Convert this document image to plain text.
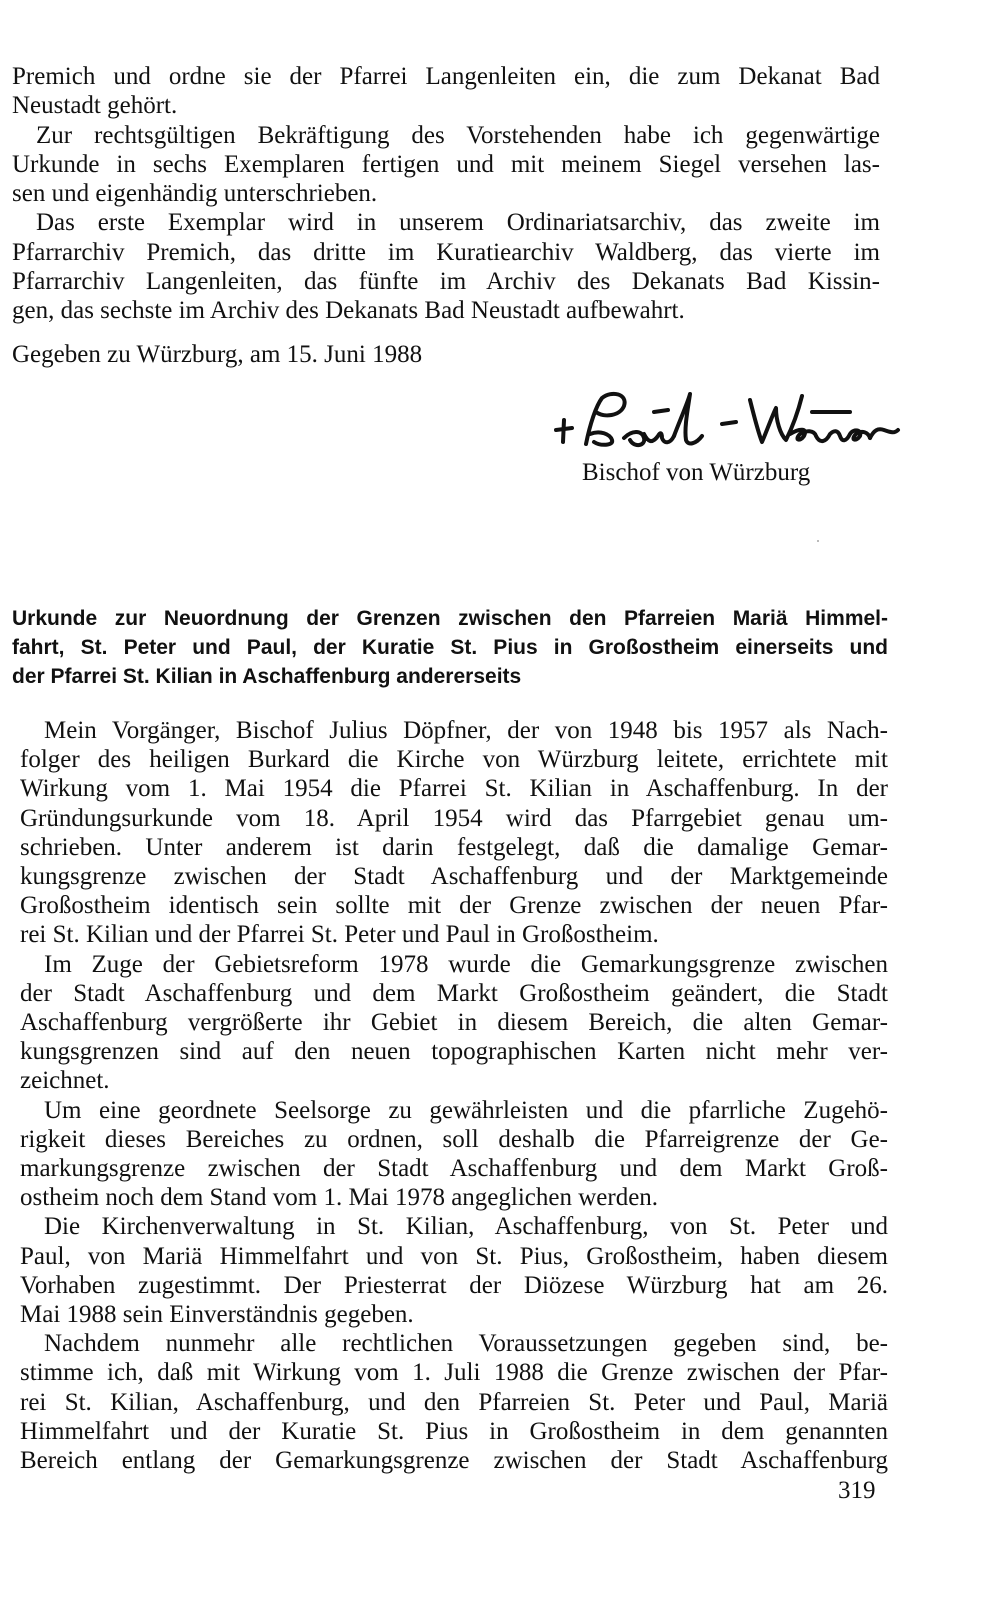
Premich und ordne sie der Pfarrei Langenleiten ein, die zum Dekanat Bad
Neustadt gehört.
Zur rechtsgültigen Bekräftigung des Vorstehenden habe ich gegenwärtige
Urkunde in sechs Exemplaren fertigen und mit meinem Siegel versehen las-
sen und eigenhändig unterschrieben.
Das erste Exemplar wird in unserem Ordinariatsarchiv, das zweite im
Pfarrarchiv Premich, das dritte im Kuratiearchiv Waldberg, das vierte im
Pfarrarchiv Langenleiten, das fünfte im Archiv des Dekanats Bad Kissin-
gen, das sechste im Archiv des Dekanats Bad Neustadt aufbewahrt.
Gegeben zu Würzburg, am 15. Juni 1988
Bischof von Würzburg
Urkunde zur Neuordnung der Grenzen zwischen den Pfarreien Mariä Himmel-
fahrt, St. Peter und Paul, der Kuratie St. Pius in Großostheim einerseits und
der Pfarrei St. Kilian in Aschaffenburg andererseits
Mein Vorgänger, Bischof Julius Döpfner, der von 1948 bis 1957 als Nach-
folger des heiligen Burkard die Kirche von Würzburg leitete, errichtete mit
Wirkung vom 1. Mai 1954 die Pfarrei St. Kilian in Aschaffenburg. In der
Gründungsurkunde vom 18. April 1954 wird das Pfarrgebiet genau um-
schrieben. Unter anderem ist darin festgelegt, daß die damalige Gemar-
kungsgrenze zwischen der Stadt Aschaffenburg und der Marktgemeinde
Großostheim identisch sein sollte mit der Grenze zwischen der neuen Pfar-
rei St. Kilian und der Pfarrei St. Peter und Paul in Großostheim.
Im Zuge der Gebietsreform 1978 wurde die Gemarkungsgrenze zwischen
der Stadt Aschaffenburg und dem Markt Großostheim geändert, die Stadt
Aschaffenburg vergrößerte ihr Gebiet in diesem Bereich, die alten Gemar-
kungsgrenzen sind auf den neuen topographischen Karten nicht mehr ver-
zeichnet.
Um eine geordnete Seelsorge zu gewährleisten und die pfarrliche Zugehö-
rigkeit dieses Bereiches zu ordnen, soll deshalb die Pfarreigrenze der Ge-
markungsgrenze zwischen der Stadt Aschaffenburg und dem Markt Groß-
ostheim noch dem Stand vom 1. Mai 1978 angeglichen werden.
Die Kirchenverwaltung in St. Kilian, Aschaffenburg, von St. Peter und
Paul, von Mariä Himmelfahrt und von St. Pius, Großostheim, haben diesem
Vorhaben zugestimmt. Der Priesterrat der Diözese Würzburg hat am 26.
Mai 1988 sein Einverständnis gegeben.
Nachdem nunmehr alle rechtlichen Voraussetzungen gegeben sind, be-
stimme ich, daß mit Wirkung vom 1. Juli 1988 die Grenze zwischen der Pfar-
rei St. Kilian, Aschaffenburg, und den Pfarreien St. Peter und Paul, Mariä
Himmelfahrt und der Kuratie St. Pius in Großostheim in dem genannten
Bereich entlang der Gemarkungsgrenze zwischen der Stadt Aschaffenburg
319
